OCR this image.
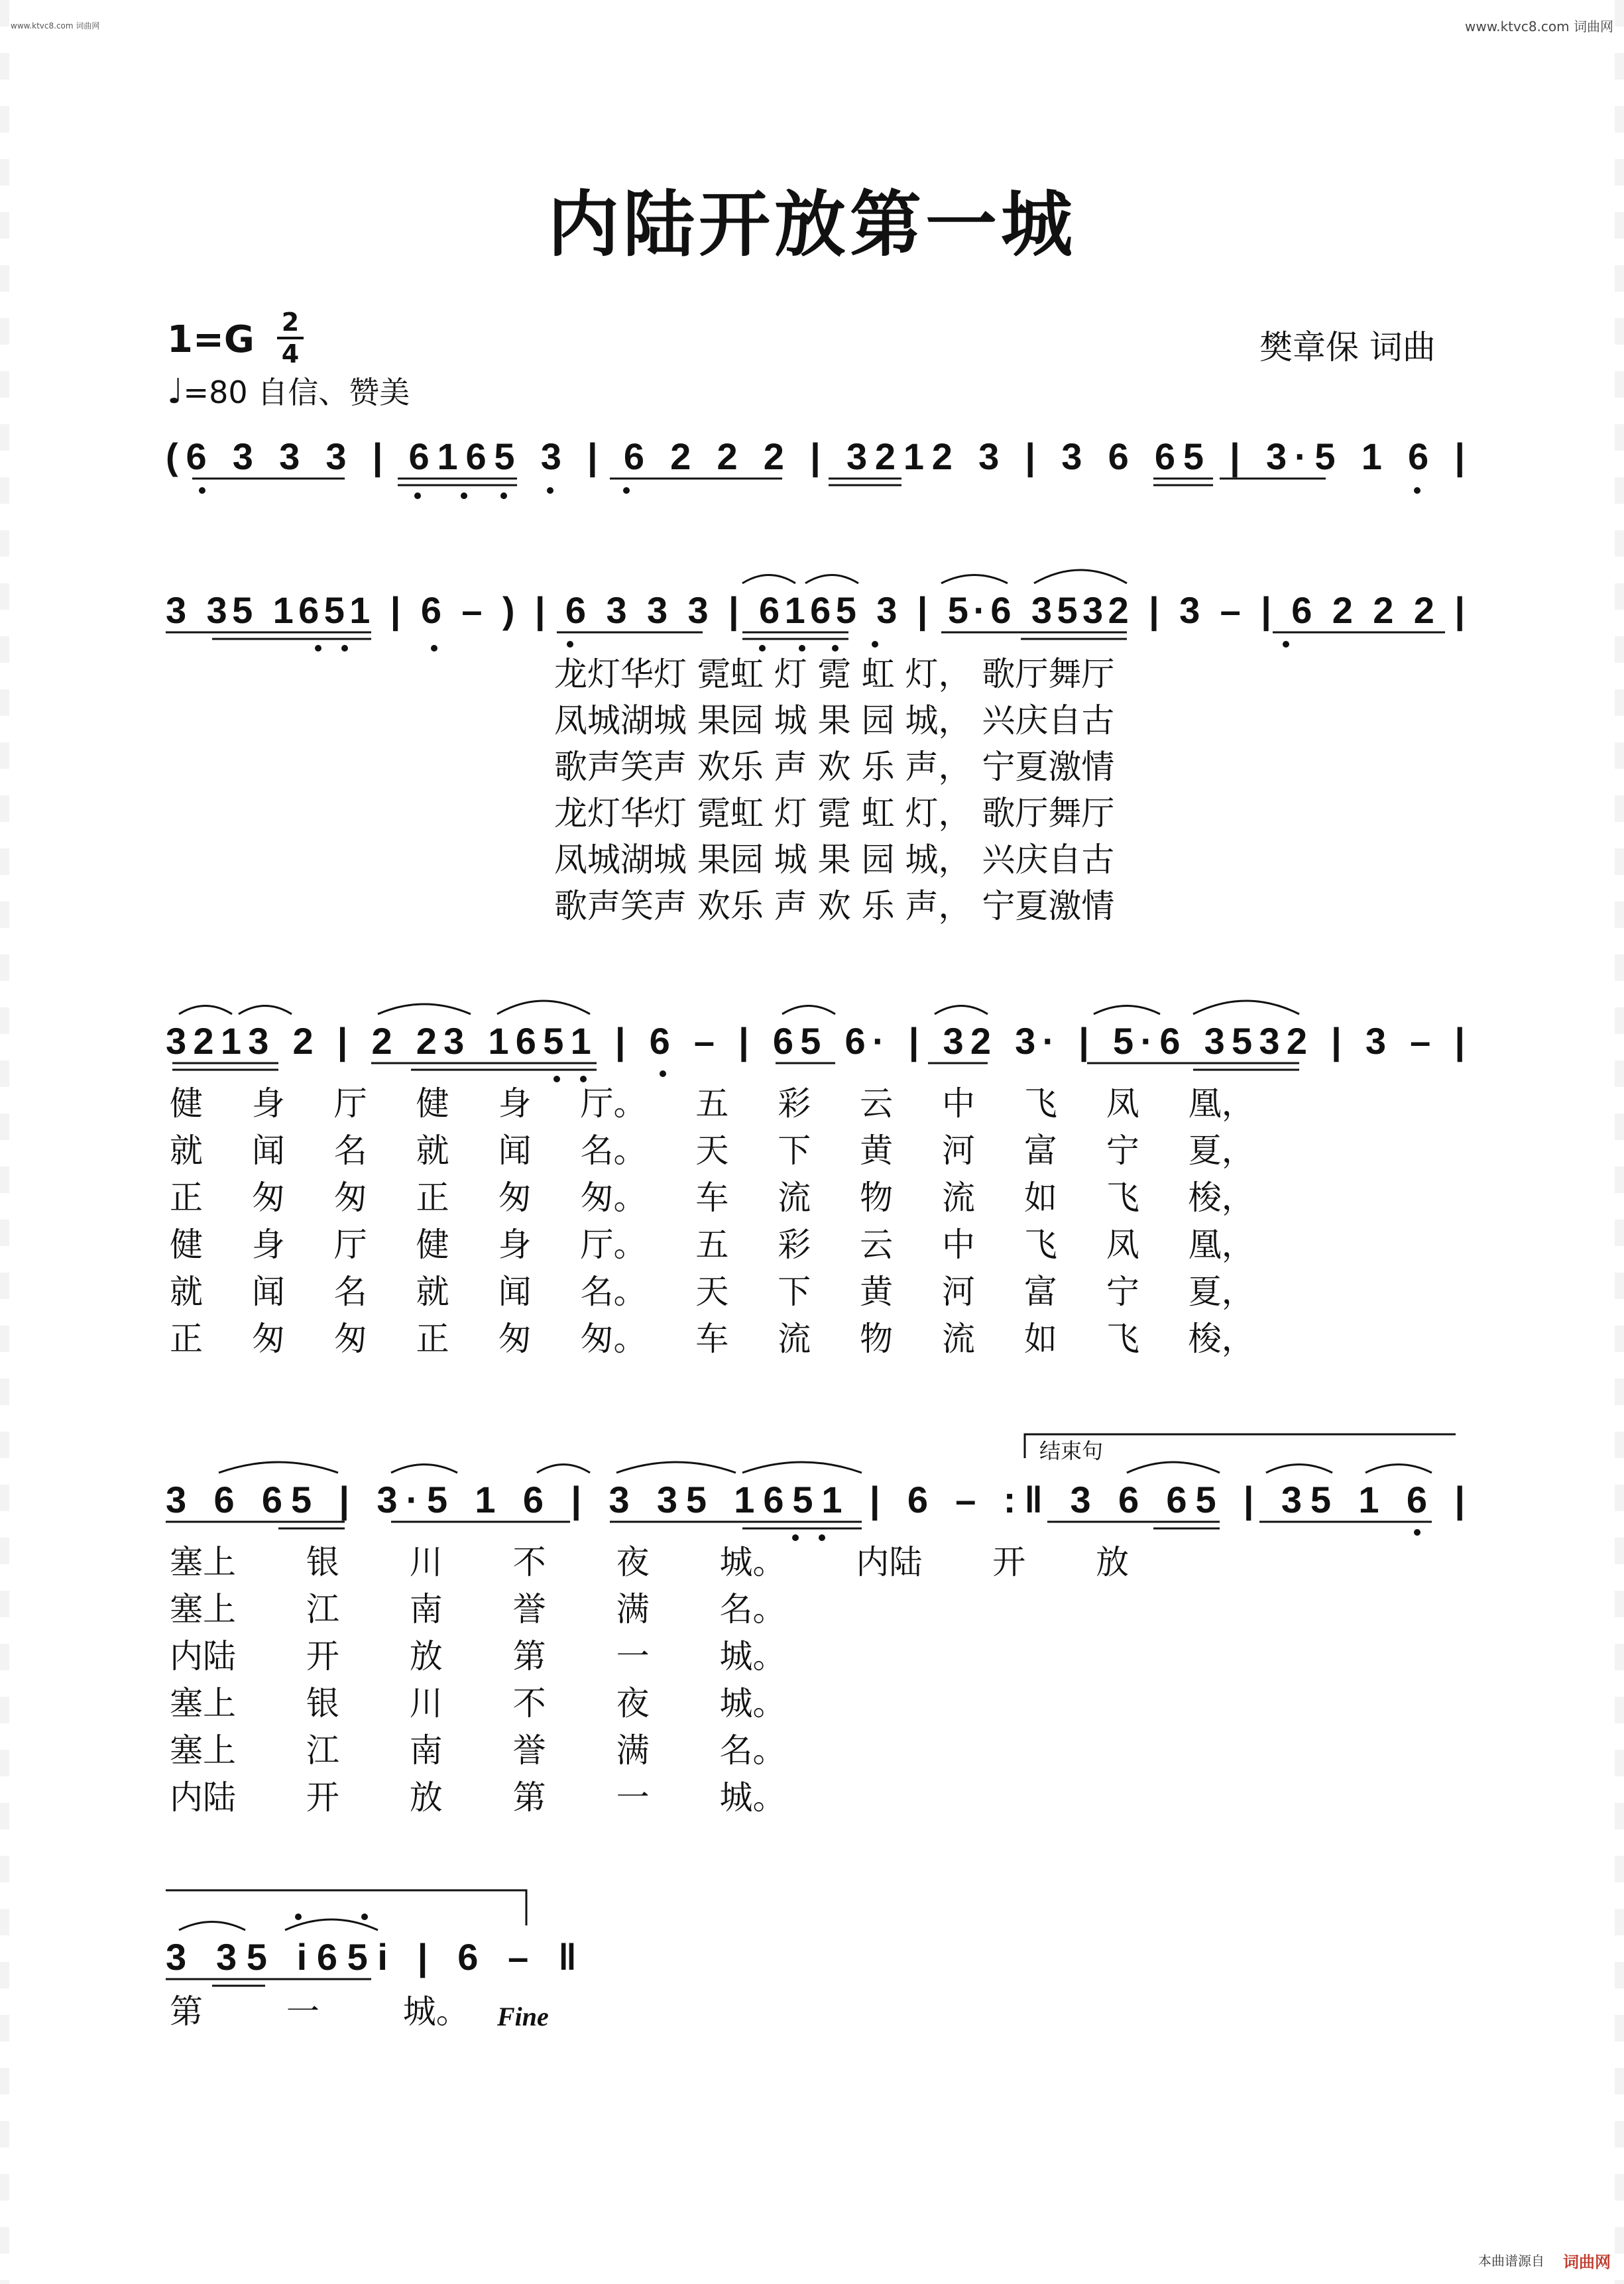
www.ktvc8.com 词曲网	www.ktvc8.com 词曲网
内陆开放第一城
1=G 2
4
♩=80 自信、赞美
樊章保 词曲
(6 3 3 3 | 6165 3 | 6 2 2 2 | 3212 3 | 3 6 65 | 3·5 1 6 |
3 35 1651 | 6 – ) | 6 3 3 3 | 6165 3 | 5·6 3532 | 3 – | 6 2 2 2 |
3213 2 | 2 23 1651 | 6 – | 65 6· | 32 3· | 5·6 3532 | 3 – |
3 6 65 | 3·5 1 6 | 3 35 1651 | 6 – :‖ 3 6 65 | 35 1 6 |
3 35 i65i | 6 – ‖
结束句
Fine
龙灯华灯 霓虹 灯 霓 虹 灯， 歌厅舞厅
凤城湖城 果园 城 果 园 城， 兴庆自古
歌声笑声 欢乐 声 欢 乐 声， 宁夏激情
龙灯华灯 霓虹 灯 霓 虹 灯， 歌厅舞厅
凤城湖城 果园 城 果 园 城， 兴庆自古
歌声笑声 欢乐 声 欢 乐 声， 宁夏激情
健 身 厅 健 身 厅。 五 彩 云 中 飞 凤 凰，
就 闻 名 就 闻 名。 天 下 黄 河 富 宁 夏，
正 匆 匆 正 匆 匆。 车 流 物 流 如 飞 梭，
健 身 厅 健 身 厅。 五 彩 云 中 飞 凤 凰，
就 闻 名 就 闻 名。 天 下 黄 河 富 宁 夏，
正 匆 匆 正 匆 匆。 车 流 物 流 如 飞 梭，
塞上 银 川 不 夜 城。 内陆 开 放
塞上 江 南 誉 满 名。
内陆 开 放 第 一 城。
塞上 银 川 不 夜 城。
塞上 江 南 誉 满 名。
内陆 开 放 第 一 城。
第 一 城。
本曲谱源自 词曲网
